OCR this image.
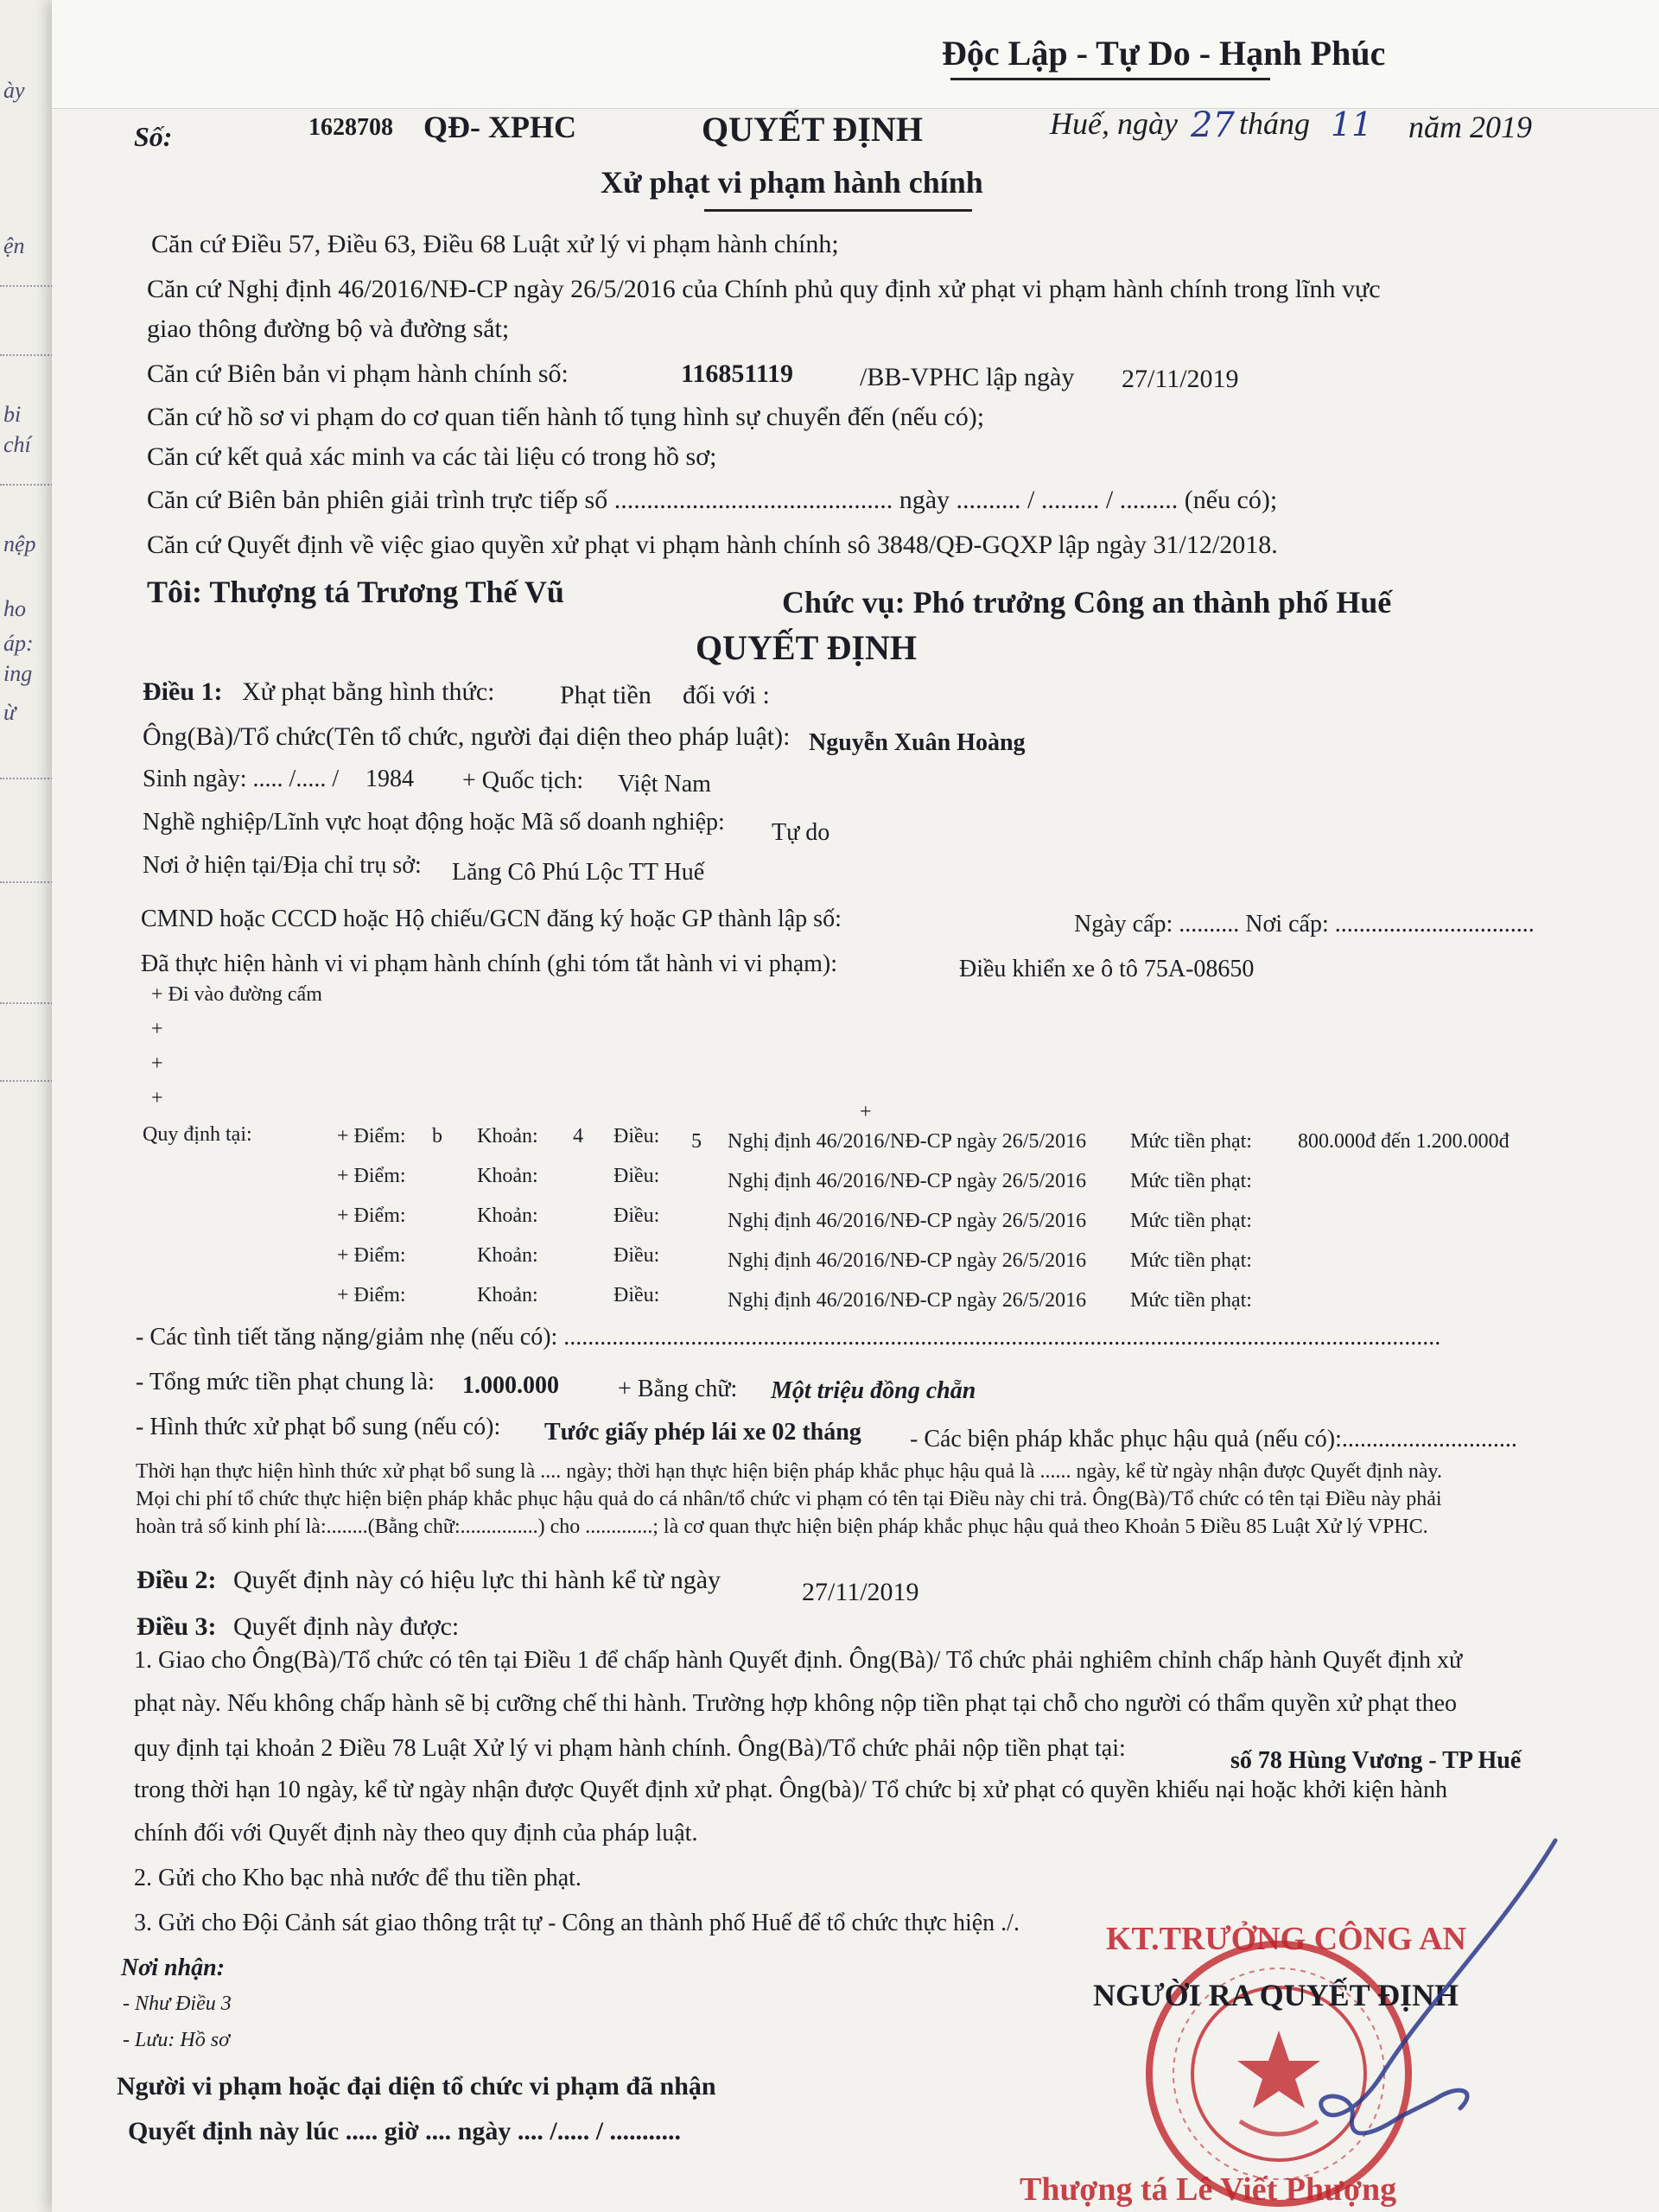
ày
ện
chí
bi
nệp
ho
áp:
ing
ừ
Độc Lập - Tự Do - Hạnh Phúc
Số:	1628708 QĐ- XPHC	QUYẾT ĐỊNH	Huế, ngày 27 tháng 11 năm 2019
Xử phạt vi phạm hành chính
Căn cứ Điều 57, Điều 63, Điều 68 Luật xử lý vi phạm hành chính;
Căn cứ Nghị định 46/2016/NĐ-CP ngày 26/5/2016 của Chính phủ quy định xử phạt vi phạm hành chính trong lĩnh vực
giao thông đường bộ và đường sắt;
Căn cứ Biên bản vi phạm hành chính số:	116851119	/BB-VPHC lập ngày 27/11/2019
Căn cứ hồ sơ vi phạm do cơ quan tiến hành tố tụng hình sự chuyển đến (nếu có);
Căn cứ kết quả xác minh va các tài liệu có trong hồ sơ;
Căn cứ Biên bản phiên giải trình trực tiếp số ........................................... ngày .......... / ......... / ......... (nếu có);
Căn cứ Quyết định về việc giao quyền xử phạt vi phạm hành chính sô 3848/QĐ-GQXP lập ngày 31/12/2018.
Tôi: Thượng tá Trương Thế Vũ	Chức vụ: Phó trưởng Công an thành phố Huế
QUYẾT ĐỊNH
Điều 1: Xử phạt bằng hình thức:	Phạt tiền đối với :
Ông(Bà)/Tổ chức(Tên tổ chức, người đại diện theo pháp luật): Nguyễn Xuân Hoàng
Sinh ngày: ..... /..... / 1984 + Quốc tịch: Việt Nam
Nghề nghiệp/Lĩnh vực hoạt động hoặc Mã số doanh nghiệp: Tự do
Nơi ở hiện tại/Địa chỉ trụ sở: Lăng Cô Phú Lộc TT Huế
CMND hoặc CCCD hoặc Hộ chiếu/GCN đăng ký hoặc GP thành lập số:	Ngày cấp: .......... Nơi cấp: .................................
Đã thực hiện hành vi vi phạm hành chính (ghi tóm tắt hành vi vi phạm):	Điều khiển xe ô tô 75A-08650
+ Đi vào đường cấm
+
+
+
+
Quy định tại:	+ Điểm: b Khoản: 4 Điều: 5 Nghị định 46/2016/NĐ-CP ngày 26/5/2016 Mức tiền phạt: 800.000đ đến 1.200.000đ
+ Điểm:	Khoản:	Điều:	Nghị định 46/2016/NĐ-CP ngày 26/5/2016 Mức tiền phạt:
+ Điểm:	Khoản:	Điều:	Nghị định 46/2016/NĐ-CP ngày 26/5/2016 Mức tiền phạt:
+ Điểm:	Khoản:	Điều:	Nghị định 46/2016/NĐ-CP ngày 26/5/2016 Mức tiền phạt:
+ Điểm:	Khoản:	Điều:	Nghị định 46/2016/NĐ-CP ngày 26/5/2016 Mức tiền phạt:
- Các tình tiết tăng nặng/giảm nhẹ (nếu có): .................................................................................................................................................
- Tổng mức tiền phạt chung là: 1.000.000 + Bằng chữ: Một triệu đồng chẵn
- Hình thức xử phạt bổ sung (nếu có): Tước giấy phép lái xe 02 tháng - Các biện pháp khắc phục hậu quả (nếu có):.............................
Thời hạn thực hiện hình thức xử phạt bổ sung là .... ngày; thời hạn thực hiện biện pháp khắc phục hậu quả là ...... ngày, kể từ ngày nhận được Quyết định này.
Mọi chi phí tổ chức thực hiện biện pháp khắc phục hậu quả do cá nhân/tổ chức vi phạm có tên tại Điều này chi trả. Ông(Bà)/Tổ chức có tên tại Điều này phải
hoàn trả số kinh phí là:........(Bằng chữ:...............) cho .............; là cơ quan thực hiện biện pháp khắc phục hậu quả theo Khoản 5 Điều 85 Luật Xử lý VPHC.
Điều 2: Quyết định này có hiệu lực thi hành kể từ ngày	27/11/2019
Điều 3: Quyết định này được:
1. Giao cho Ông(Bà)/Tổ chức có tên tại Điều 1 để chấp hành Quyết định. Ông(Bà)/ Tổ chức phải nghiêm chỉnh chấp hành Quyết định xử
phạt này. Nếu không chấp hành sẽ bị cưỡng chế thi hành. Trường hợp không nộp tiền phạt tại chỗ cho người có thẩm quyền xử phạt theo
quy định tại khoản 2 Điều 78 Luật Xử lý vi phạm hành chính. Ông(Bà)/Tổ chức phải nộp tiền phạt tại:	số 78 Hùng Vương - TP Huế
trong thời hạn 10 ngày, kể từ ngày nhận được Quyết định xử phạt. Ông(bà)/ Tổ chức bị xử phạt có quyền khiếu nại hoặc khởi kiện hành
chính đối với Quyết định này theo quy định của pháp luật.
2. Gửi cho Kho bạc nhà nước để thu tiền phạt.
3. Gửi cho Đội Cảnh sát giao thông trật tự - Công an thành phố Huế để tổ chức thực hiện ./.
Nơi nhận:
- Như Điều 3
- Lưu: Hồ sơ
Người vi phạm hoặc đại diện tổ chức vi phạm đã nhận
Quyết định này lúc ..... giờ .... ngày .... /..... / ...........
KT.TRƯỞNG CÔNG AN
NGƯỜI RA QUYẾT ĐỊNH
Thượng tá Lê Viết Phượng
